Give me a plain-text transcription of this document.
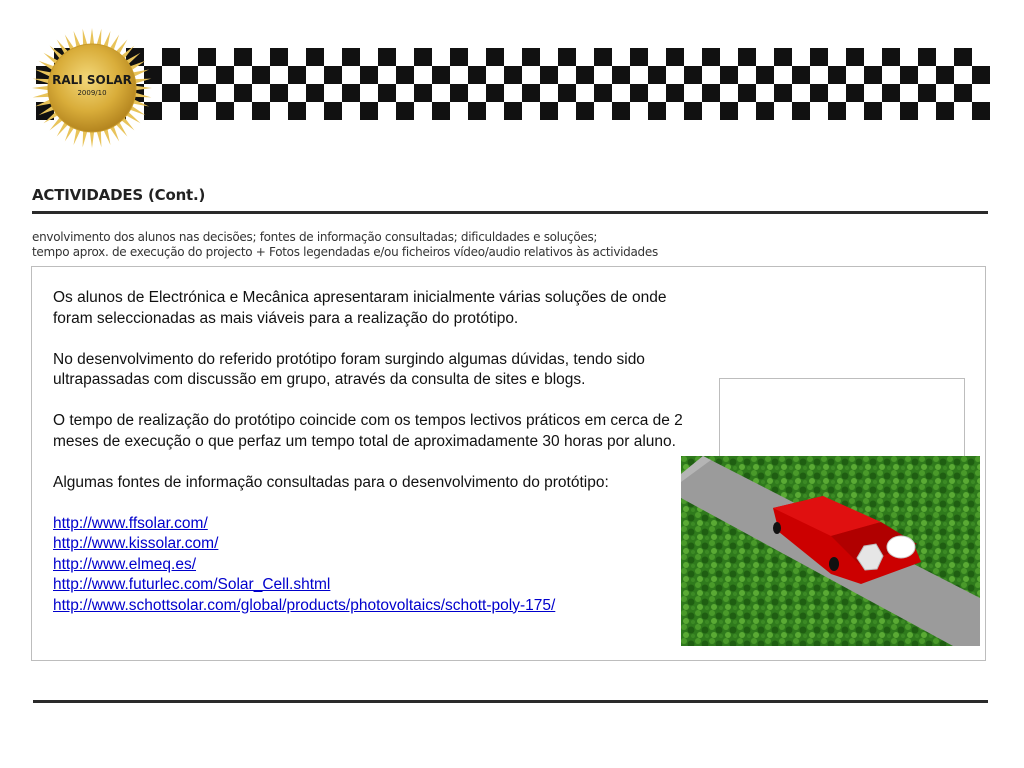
RALI SOLAR
2009/10
ACTIVIDADES (Cont.)
envolvimento dos alunos nas decisões; fontes de informação consultadas; dificuldades e soluções;
tempo aprox. de execução do projecto + Fotos legendadas e/ou ficheiros vídeo/audio relativos às actividades

Os alunos de Electrónica e Mecânica apresentaram inicialmente várias soluções de onde foram seleccionadas as mais viáveis para a realização do protótipo.

No desenvolvimento do referido protótipo foram surgindo algumas dúvidas, tendo sido ultrapassadas com discussão em grupo, através da consulta de sites e blogs.

O tempo de realização do protótipo coincide com os tempos lectivos práticos em cerca de 2 meses de execução o que perfaz um tempo total de aproximadamente 30 horas por aluno.

Algumas fontes de informação consultadas para o desenvolvimento do protótipo:

http://www.ffsolar.com/
http://www.kissolar.com/
http://www.elmeq.es/
http://www.futurlec.com/Solar_Cell.shtml
http://www.schottsolar.com/global/products/photovoltaics/schott-poly-175/
